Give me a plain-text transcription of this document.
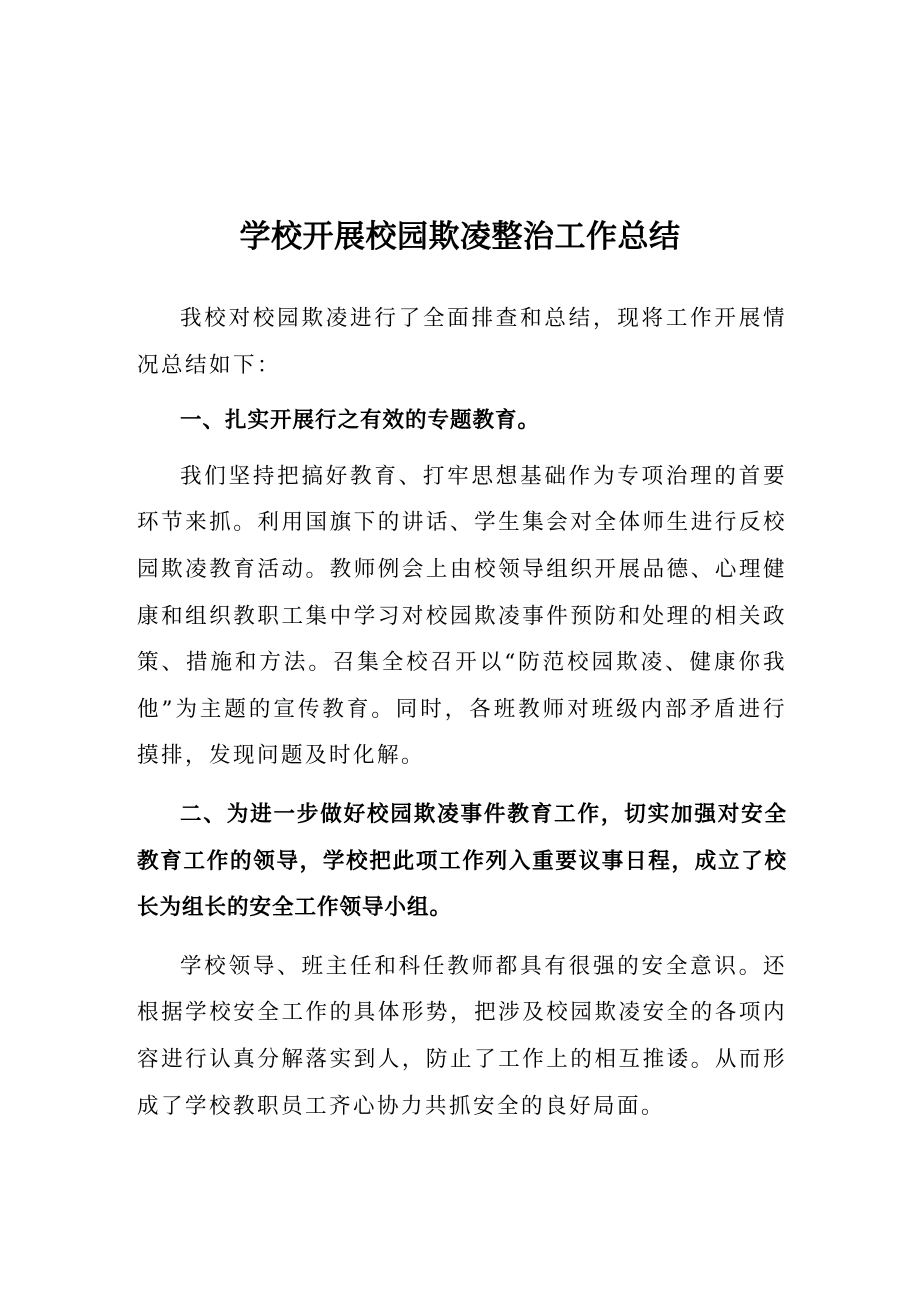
学校开展校园欺凌整治工作总结

我校对校园欺凌进行了全面排查和总结，现将工作开展情况总结如下：

一、扎实开展行之有效的专题教育。

我们坚持把搞好教育、打牢思想基础作为专项治理的首要环节来抓。利用国旗下的讲话、学生集会对全体师生进行反校园欺凌教育活动。教师例会上由校领导组织开展品德、心理健康和组织教职工集中学习对校园欺凌事件预防和处理的相关政策、措施和方法。召集全校召开以“防范校园欺凌、健康你我他”为主题的宣传教育。同时，各班教师对班级内部矛盾进行摸排，发现问题及时化解。

二、为进一步做好校园欺凌事件教育工作，切实加强对安全教育工作的领导，学校把此项工作列入重要议事日程，成立了校长为组长的安全工作领导小组。

学校领导、班主任和科任教师都具有很强的安全意识。还根据学校安全工作的具体形势，把涉及校园欺凌安全的各项内容进行认真分解落实到人，防止了工作上的相互推诿。从而形成了学校教职员工齐心协力共抓安全的良好局面。
